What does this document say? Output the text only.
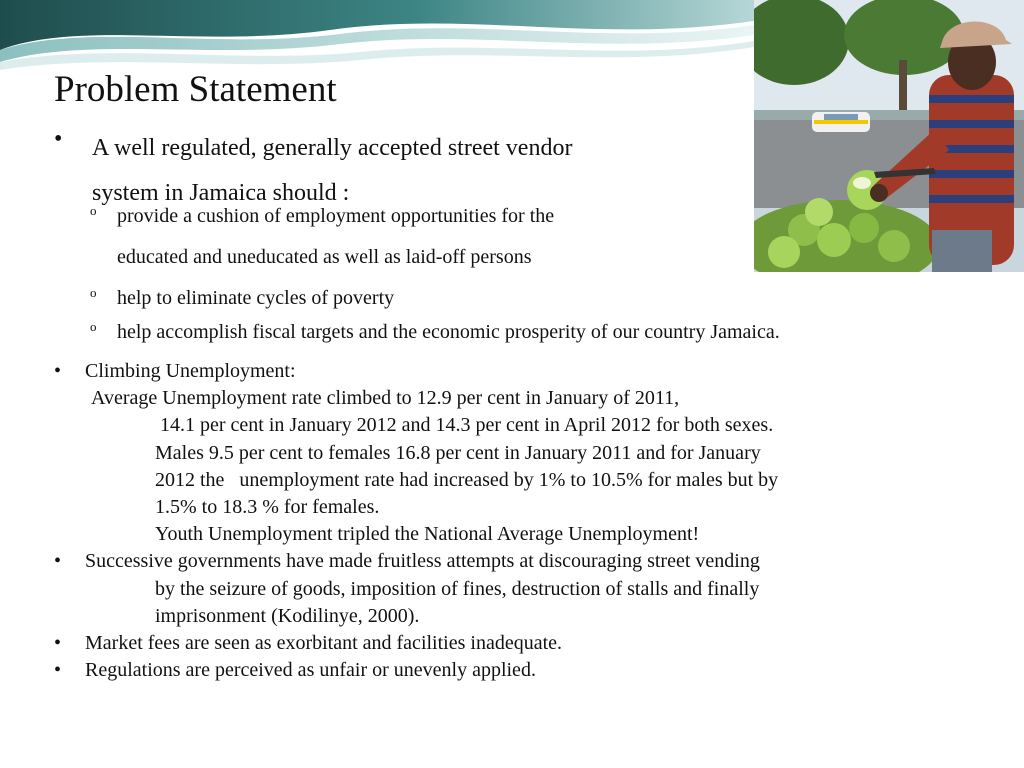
Problem Statement
• A well regulated, generally accepted street vendor
system in Jamaica should :
o provide a cushion of employment opportunities for the
educated and uneducated as well as laid-off persons
o help to eliminate cycles of poverty
o help accomplish fiscal targets and the economic prosperity of our country Jamaica.
• Climbing Unemployment:
Average Unemployment rate climbed to 12.9 per cent in January of 2011,
14.1 per cent in January 2012 and 14.3 per cent in April 2012 for both sexes.
Males 9.5 per cent to females 16.8 per cent in January 2011 and for January
2012 the   unemployment rate had increased by 1% to 10.5% for males but by
1.5% to 18.3 % for females.
Youth Unemployment tripled the National Average Unemployment!
• Successive governments have made fruitless attempts at discouraging street vending
by the seizure of goods, imposition of fines, destruction of stalls and finally
imprisonment (Kodilinye, 2000).
• Market fees are seen as exorbitant and facilities inadequate.
• Regulations are perceived as unfair or unevenly applied.
